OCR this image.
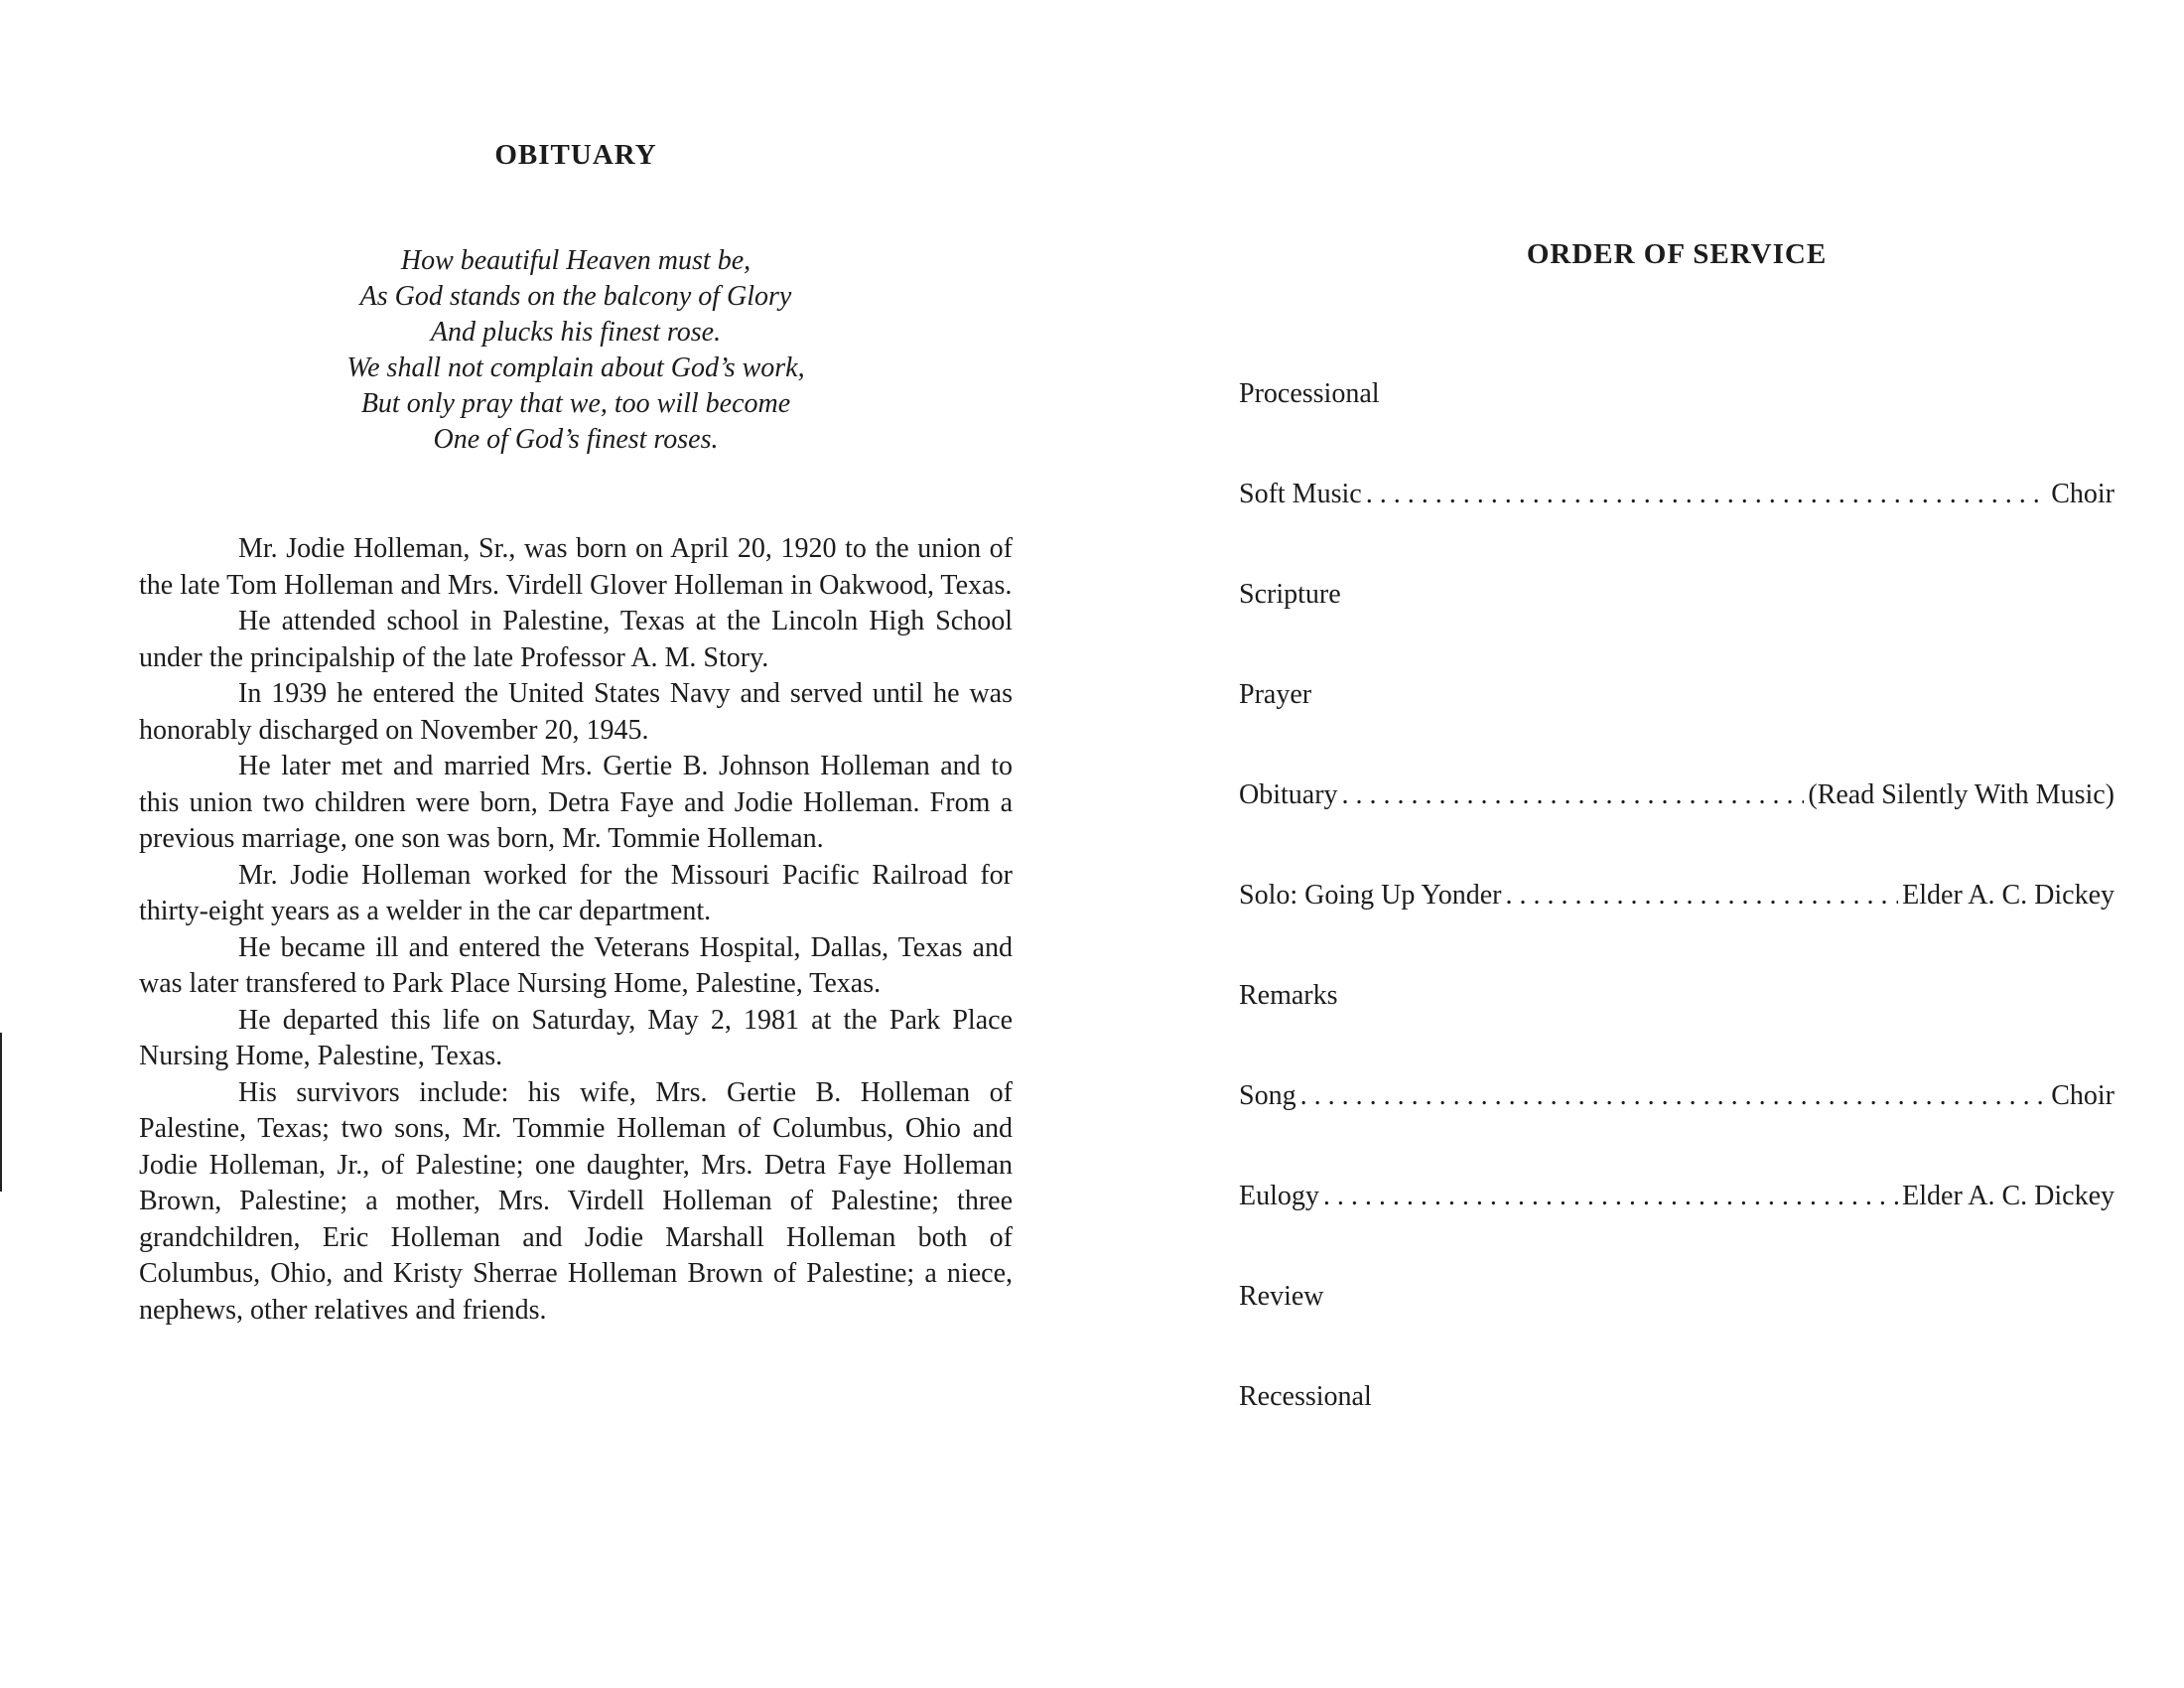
OBITUARY
How beautiful Heaven must be,
As God stands on the balcony of Glory
And plucks his finest rose.
We shall not complain about God’s work,
But only pray that we, too will become
One of God’s finest roses.

Mr. Jodie Holleman, Sr., was born on April 20, 1920 to the union of the late Tom Holleman and Mrs. Virdell Glover Holleman in Oakwood, Texas.

He attended school in Palestine, Texas at the Lincoln High School under the principalship of the late Professor A. M. Story.

In 1939 he entered the United States Navy and served until he was honorably discharged on November 20, 1945.

He later met and married Mrs. Gertie B. Johnson Holleman and to this union two children were born, Detra Faye and Jodie Holleman. From a previous marriage, one son was born, Mr. Tommie Holleman.

Mr. Jodie Holleman worked for the Missouri Pacific Railroad for thirty-eight years as a welder in the car department.

He became ill and entered the Veterans Hospital, Dallas, Texas and was later transfered to Park Place Nursing Home, Palestine, Texas.

He departed this life on Saturday, May 2, 1981 at the Park Place Nursing Home, Palestine, Texas.

His survivors include: his wife, Mrs. Gertie B. Holleman of Palestine, Texas; two sons, Mr. Tommie Holleman of Columbus, Ohio and Jodie Holleman, Jr., of Palestine; one daughter, Mrs. Detra Faye Holleman Brown, Palestine; a mother, Mrs. Virdell Holleman of Palestine; three grandchildren, Eric Holleman and Jodie Marshall Holleman both of Columbus, Ohio, and Kristy Sherrae Holleman Brown of Palestine; a niece, nephews, other relatives and friends.

ORDER OF SERVICE
Processional
Soft Music . . .	Choir
Scripture
Prayer
Obituary . . .	(Read Silently With Music)
Solo: Going Up Yonder . . .	Elder A. C. Dickey
Remarks
Song . . .	Choir
Eulogy . . .	Elder A. C. Dickey
Review
Recessional
